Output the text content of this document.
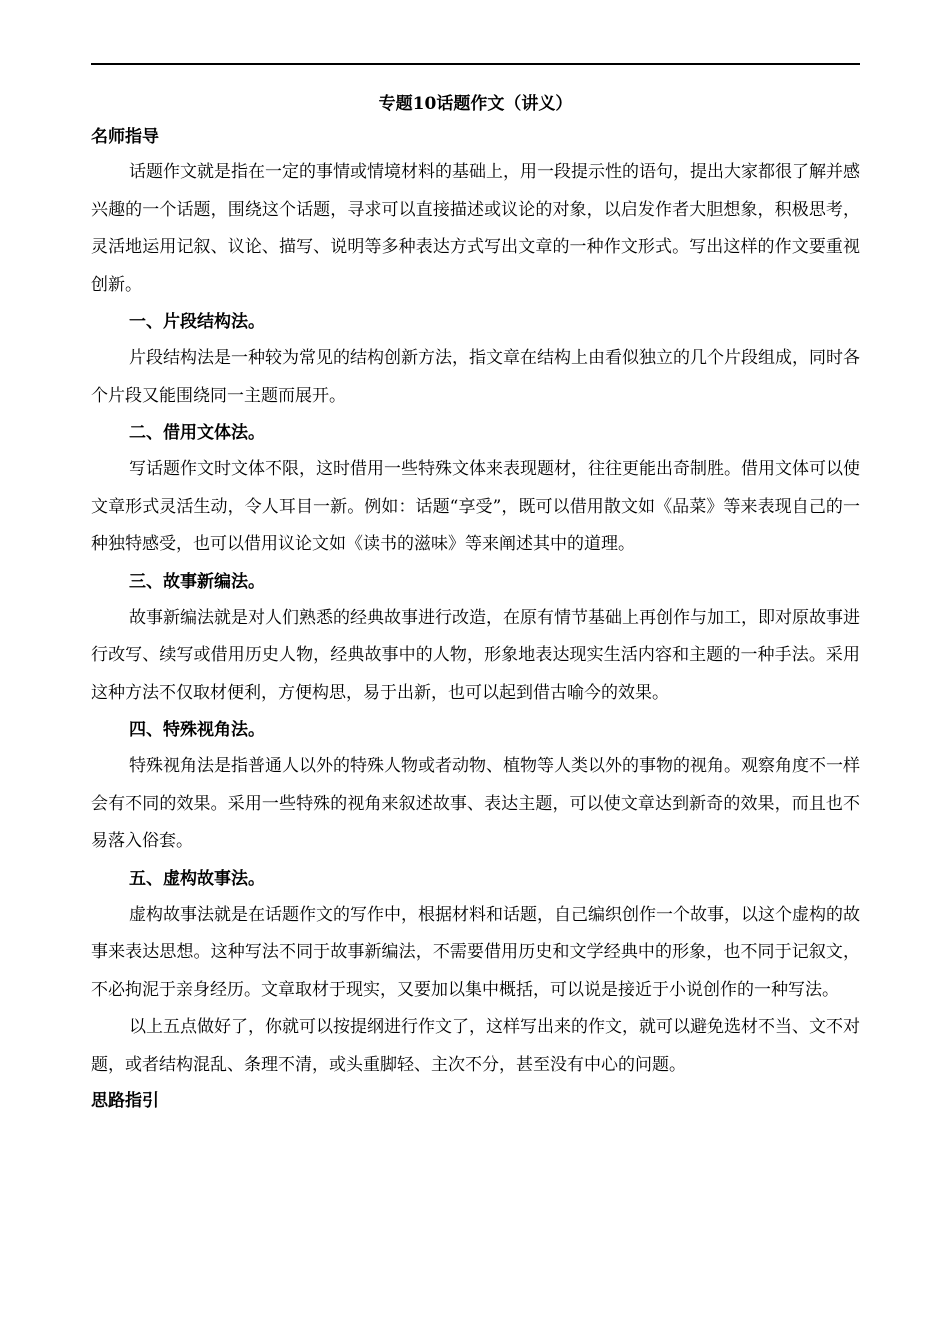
专题10话题作文（讲义）

名师指导

话题作文就是指在一定的事情或情境材料的基础上，用一段提示性的语句，提出大家都很了解并感兴趣的一个话题，围绕这个话题，寻求可以直接描述或议论的对象，以启发作者大胆想象，积极思考，灵活地运用记叙、议论、描写、说明等多种表达方式写出文章的一种作文形式。写出这样的作文要重视创新。

一、片段结构法。

片段结构法是一种较为常见的结构创新方法，指文章在结构上由看似独立的几个片段组成，同时各个片段又能围绕同一主题而展开。

二、借用文体法。

写话题作文时文体不限，这时借用一些特殊文体来表现题材，往往更能出奇制胜。借用文体可以使文章形式灵活生动，令人耳目一新。例如：话题“享受”，既可以借用散文如《品菜》等来表现自己的一种独特感受，也可以借用议论文如《读书的滋味》等来阐述其中的道理。

三、故事新编法。

故事新编法就是对人们熟悉的经典故事进行改造，在原有情节基础上再创作与加工，即对原故事进行改写、续写或借用历史人物，经典故事中的人物，形象地表达现实生活内容和主题的一种手法。采用这种方法不仅取材便利，方便构思，易于出新，也可以起到借古喻今的效果。

四、特殊视角法。

特殊视角法是指普通人以外的特殊人物或者动物、植物等人类以外的事物的视角。观察角度不一样会有不同的效果。采用一些特殊的视角来叙述故事、表达主题，可以使文章达到新奇的效果，而且也不易落入俗套。

五、虚构故事法。

虚构故事法就是在话题作文的写作中，根据材料和话题，自己编织创作一个故事，以这个虚构的故事来表达思想。这种写法不同于故事新编法，不需要借用历史和文学经典中的形象，也不同于记叙文，不必拘泥于亲身经历。文章取材于现实，又要加以集中概括，可以说是接近于小说创作的一种写法。

以上五点做好了，你就可以按提纲进行作文了，这样写出来的作文，就可以避免选材不当、文不对题，或者结构混乱、条理不清，或头重脚轻、主次不分，甚至没有中心的问题。

思路指引
